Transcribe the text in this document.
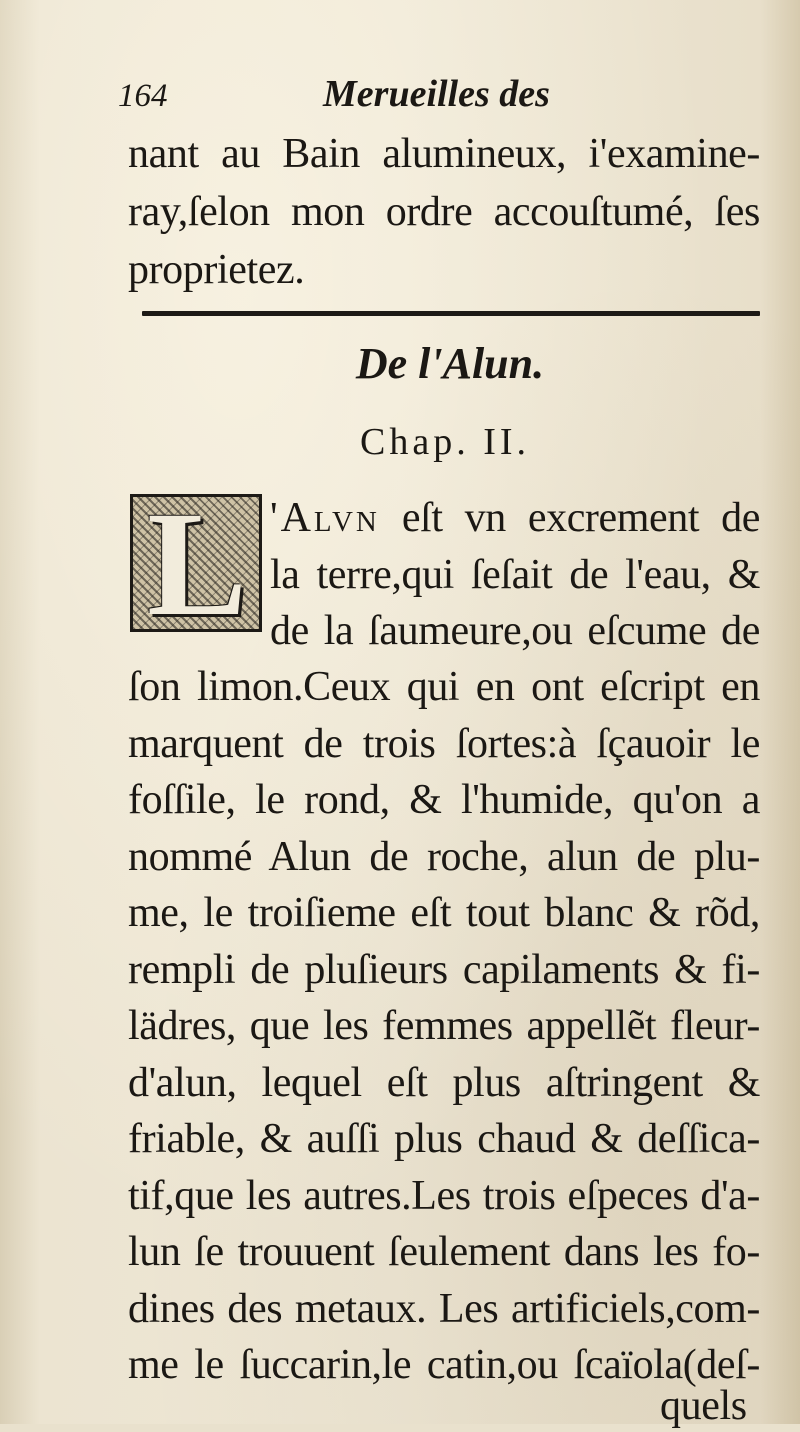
164	Merueilles des
nant au Bain alumineux, i'examine-
ray,ſelon mon ordre accouſtumé, ſes
proprietez.
De l'Alun.
Chap. II.
L 'Alvn eſt vn excrement de
la terre,qui ſeſait de l'eau, &
de la ſaumeure,ou eſcume de
ſon limon.Ceux qui en ont eſcript en
marquent de trois ſortes:à ſçauoir le
foſſile, le rond, & l'humide, qu'on a
nommé Alun de roche, alun de plu-
me, le troiſieme eſt tout blanc & rõd,
rempli de pluſieurs capilaments & fi-
lädres, que les femmes appellẽt fleur-
d'alun, lequel eſt plus aſtringent &
friable, & auſſi plus chaud & deſſica-
tif,que les autres.Les trois eſpeces d'a-
lun ſe trouuent ſeulement dans les fo-
dines des metaux. Les artificiels,com-
me le ſuccarin,le catin,ou ſcaïola(deſ-
quels
